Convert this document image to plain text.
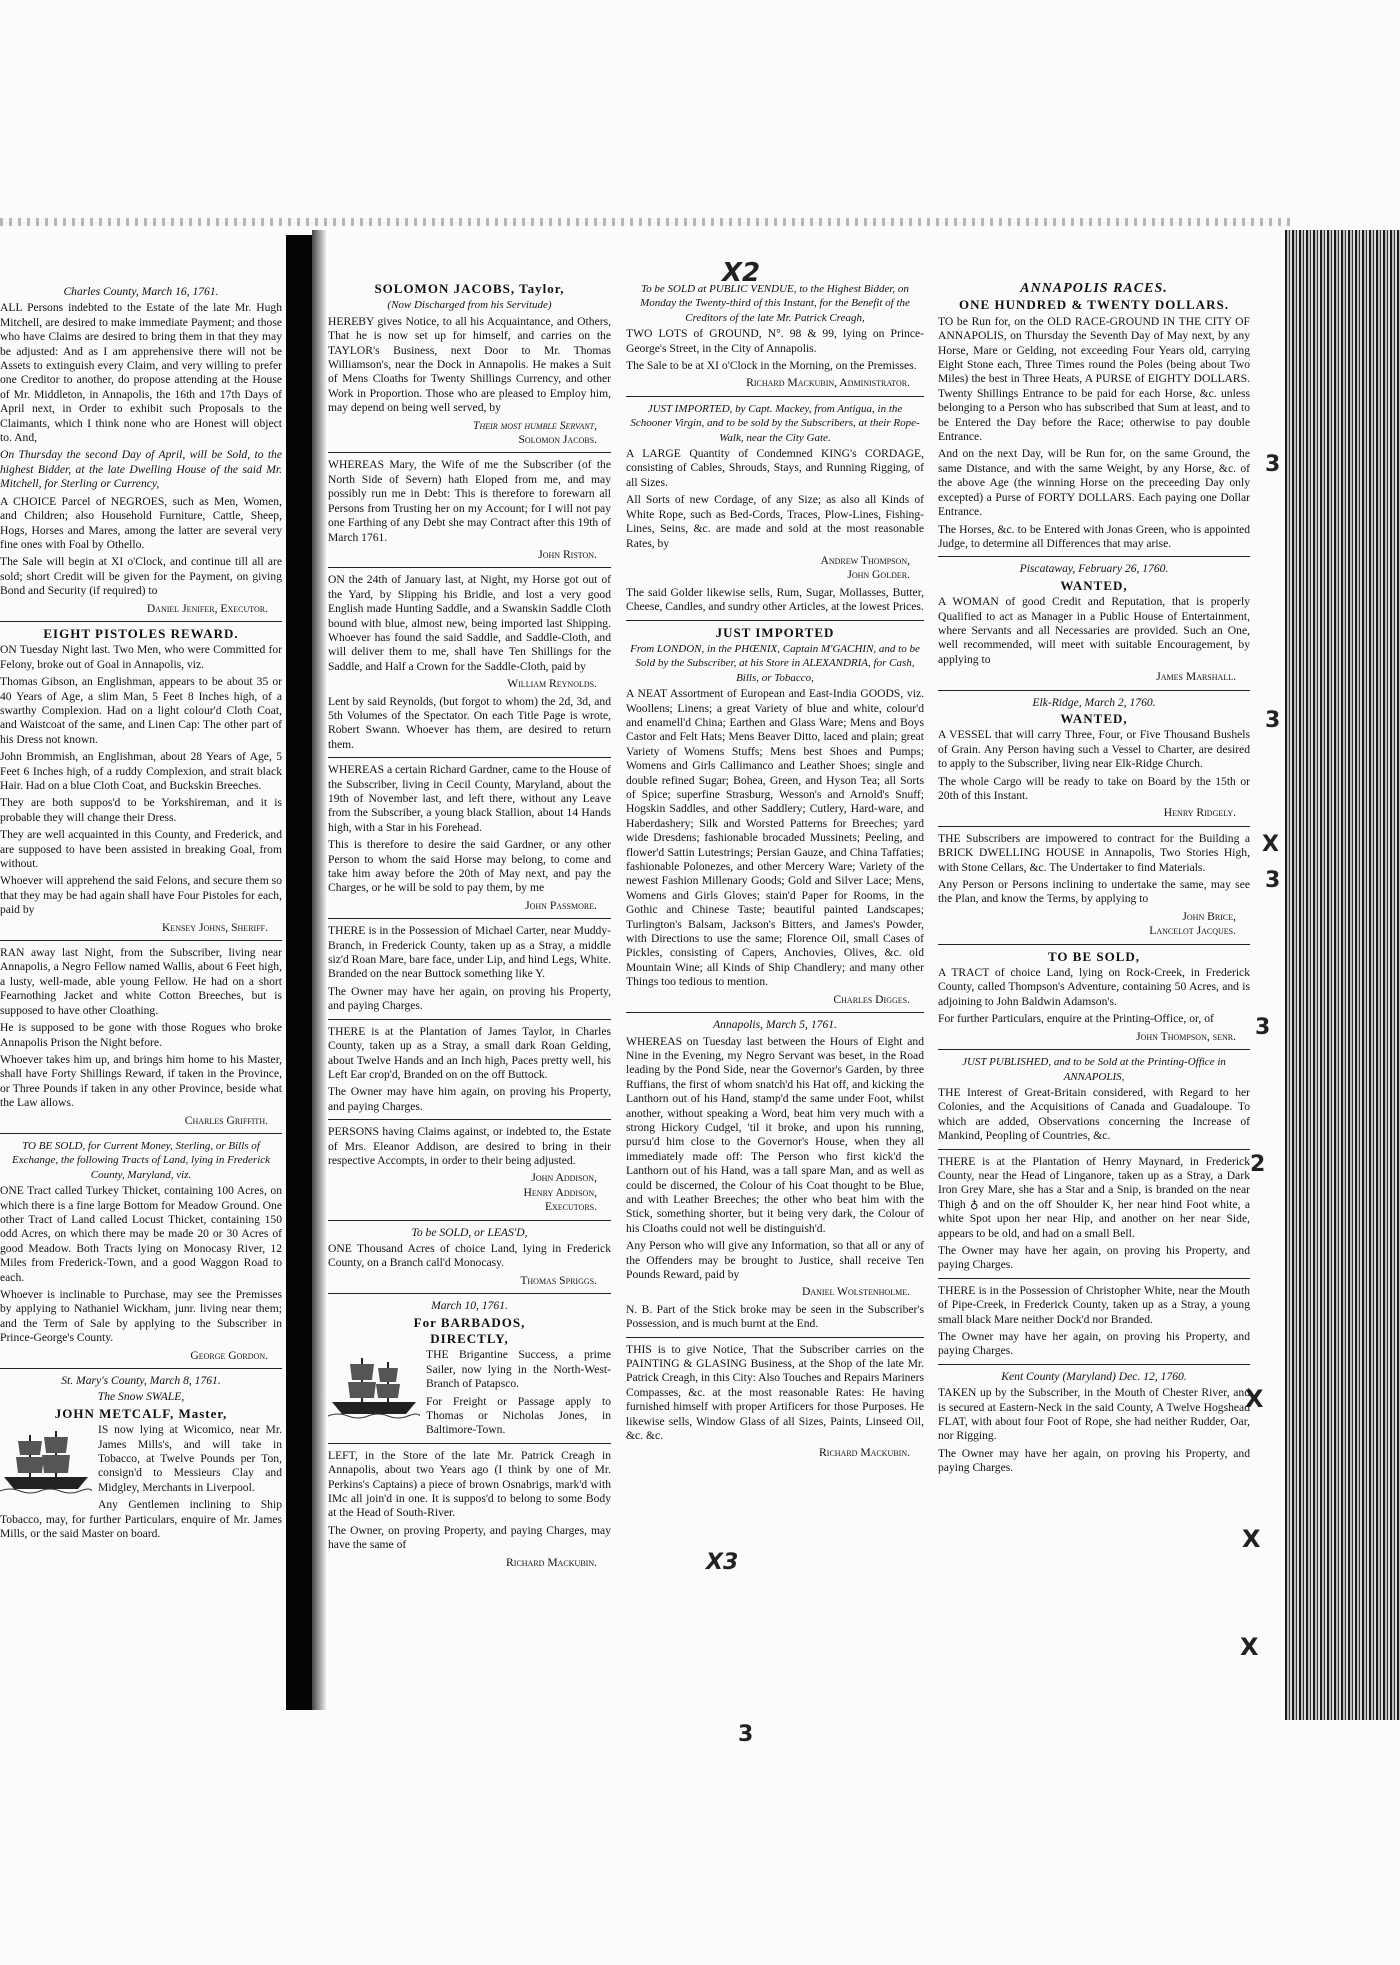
X2
X3
3
3
3
X
3
3
2
X
X
X
Charles County, March 16, 1761.

ALL Persons indebted to the Estate of the late Mr. Hugh Mitchell, are desired to make immediate Payment; and those who have Claims are desired to bring them in that they may be adjusted: And as I am apprehensive there will not be Assets to extinguish every Claim, and very willing to prefer one Creditor to another, do propose attending at the House of Mr. Middleton, in Annapolis, the 16th and 17th Days of April next, in Order to exhibit such Proposals to the Claimants, which I think none who are Honest will object to. And,

On Thursday the second Day of April, will be Sold, to the highest Bidder, at the late Dwelling House of the said Mr. Mitchell, for Sterling or Currency,

A CHOICE Parcel of NEGROES, such as Men, Women, and Children; also Household Furniture, Cattle, Sheep, Hogs, Horses and Mares, among the latter are several very fine ones with Foal by Othello.

The Sale will begin at XI o'Clock, and continue till all are sold; short Credit will be given for the Payment, on giving Bond and Security (if required) to

Daniel Jenifer, Executor.
EIGHT PISTOLES REWARD.

ON Tuesday Night last. Two Men, who were Committed for Felony, broke out of Goal in Annapolis, viz.

Thomas Gibson, an Englishman, appears to be about 35 or 40 Years of Age, a slim Man, 5 Feet 8 Inches high, of a swarthy Complexion. Had on a light colour'd Cloth Coat, and Waistcoat of the same, and Linen Cap: The other part of his Dress not known.

John Brommish, an Englishman, about 28 Years of Age, 5 Feet 6 Inches high, of a ruddy Complexion, and strait black Hair. Had on a blue Cloth Coat, and Buckskin Breeches.

They are both suppos'd to be Yorkshireman, and it is probable they will change their Dress.

They are well acquainted in this County, and Frederick, and are supposed to have been assisted in breaking Goal, from without.

Whoever will apprehend the said Felons, and secure them so that they may be had again shall have Four Pistoles for each, paid by

Kensey Johns, Sheriff.

RAN away last Night, from the Subscriber, living near Annapolis, a Negro Fellow named Wallis, about 6 Feet high, a lusty, well-made, able young Fellow. He had on a short Fearnothing Jacket and white Cotton Breeches, but is supposed to have other Cloathing.

He is supposed to be gone with those Rogues who broke Annapolis Prison the Night before.

Whoever takes him up, and brings him home to his Master, shall have Forty Shillings Reward, if taken in the Province, or Three Pounds if taken in any other Province, beside what the Law allows.

Charles Griffith.
TO BE SOLD, for Current Money, Sterling, or Bills of Exchange, the following Tracts of Land, lying in Frederick County, Maryland, viz.

ONE Tract called Turkey Thicket, containing 100 Acres, on which there is a fine large Bottom for Meadow Ground. One other Tract of Land called Locust Thicket, containing 150 odd Acres, on which there may be made 20 or 30 Acres of good Meadow. Both Tracts lying on Monocasy River, 12 Miles from Frederick-Town, and a good Waggon Road to each.

Whoever is inclinable to Purchase, may see the Premisses by applying to Nathaniel Wickham, junr. living near them; and the Term of Sale by applying to the Subscriber in Prince-George's County.

George Gordon.
St. Mary's County, March 8, 1761.
The Snow SWALE,
JOHN METCALF, Master,

IS now lying at Wicomico, near Mr. James Mills's, and will take in Tobacco, at Twelve Pounds per Ton, consign'd to Messieurs Clay and Midgley, Merchants in Liverpool.

Any Gentlemen inclining to Ship Tobacco, may, for further Particulars, enquire of Mr. James Mills, or the said Master on board.

SOLOMON JACOBS, Taylor,
(Now Discharged from his Servitude)

HEREBY gives Notice, to all his Acquaintance, and Others, That he is now set up for himself, and carries on the TAYLOR's Business, next Door to Mr. Thomas Williamson's, near the Dock in Annapolis. He makes a Suit of Mens Cloaths for Twenty Shillings Currency, and other Work in Proportion. Those who are pleased to Employ him, may depend on being well served, by

Their most humble Servant,
Solomon Jacobs.

WHEREAS Mary, the Wife of me the Subscriber (of the North Side of Severn) hath Eloped from me, and may possibly run me in Debt: This is therefore to forewarn all Persons from Trusting her on my Account; for I will not pay one Farthing of any Debt she may Contract after this 19th of March 1761.

John Riston.

ON the 24th of January last, at Night, my Horse got out of the Yard, by Slipping his Bridle, and lost a very good English made Hunting Saddle, and a Swanskin Saddle Cloth bound with blue, almost new, being imported last Shipping. Whoever has found the said Saddle, and Saddle-Cloth, and will deliver them to me, shall have Ten Shillings for the Saddle, and Half a Crown for the Saddle-Cloth, paid by

William Reynolds.

Lent by said Reynolds, (but forgot to whom) the 2d, 3d, and 5th Volumes of the Spectator. On each Title Page is wrote, Robert Swann. Whoever has them, are desired to return them.

WHEREAS a certain Richard Gardner, came to the House of the Subscriber, living in Cecil County, Maryland, about the 19th of November last, and left there, without any Leave from the Subscriber, a young black Stallion, about 14 Hands high, with a Star in his Forehead.

This is therefore to desire the said Gardner, or any other Person to whom the said Horse may belong, to come and take him away before the 20th of May next, and pay the Charges, or he will be sold to pay them, by me

John Passmore.

THERE is in the Possession of Michael Carter, near Muddy-Branch, in Frederick County, taken up as a Stray, a middle siz'd Roan Mare, bare face, under Lip, and hind Legs, White. Branded on the near Buttock something like Y.

The Owner may have her again, on proving his Property, and paying Charges.

THERE is at the Plantation of James Taylor, in Charles County, taken up as a Stray, a small dark Roan Gelding, about Twelve Hands and an Inch high, Paces pretty well, his Left Ear crop'd, Branded on on the off Buttock.

The Owner may have him again, on proving his Property, and paying Charges.

PERSONS having Claims against, or indebted to, the Estate of Mrs. Eleanor Addison, are desired to bring in their respective Accompts, in order to their being adjusted.

John Addison,
Henry Addison,
Executors.
To be SOLD, or LEAS'D,

ONE Thousand Acres of choice Land, lying in Frederick County, on a Branch call'd Monocasy.

Thomas Spriggs.
March 10, 1761.
For BARBADOS,
DIRECTLY,

THE Brigantine Success, a prime Sailer, now lying in the North-West-Branch of Patapsco.

For Freight or Passage apply to Thomas or Nicholas Jones, in Baltimore-Town.

LEFT, in the Store of the late Mr. Patrick Creagh in Annapolis, about two Years ago (I think by one of Mr. Perkins's Captains) a piece of brown Osnabrigs, mark'd with IMc all join'd in one. It is suppos'd to belong to some Body at the Head of South-River.

The Owner, on proving Property, and paying Charges, may have the same of

Richard Mackubin.
To be SOLD at PUBLIC VENDUE, to the Highest Bidder, on Monday the Twenty-third of this Instant, for the Benefit of the Creditors of the late Mr. Patrick Creagh,

TWO LOTS of GROUND, N°. 98 & 99, lying on Prince-George's Street, in the City of Annapolis.

The Sale to be at XI o'Clock in the Morning, on the Premisses.

Richard Mackubin, Administrator.
JUST IMPORTED, by Capt. Mackey, from Antigua, in the Schooner Virgin, and to be sold by the Subscribers, at their Rope-Walk, near the City Gate.

A LARGE Quantity of Condemned KING's CORDAGE, consisting of Cables, Shrouds, Stays, and Running Rigging, of all Sizes.

All Sorts of new Cordage, of any Size; as also all Kinds of White Rope, such as Bed-Cords, Traces, Plow-Lines, Fishing-Lines, Seins, &c. are made and sold at the most reasonable Rates, by

Andrew Thompson,
John Golder.

The said Golder likewise sells, Rum, Sugar, Mollasses, Butter, Cheese, Candles, and sundry other Articles, at the lowest Prices.

JUST IMPORTED
From LONDON, in the PHŒNIX, Captain M'GACHIN, and to be Sold by the Subscriber, at his Store in ALEXANDRIA, for Cash, Bills, or Tobacco,

A NEAT Assortment of European and East-India GOODS, viz. Woollens; Linens; a great Variety of blue and white, colour'd and enamell'd China; Earthen and Glass Ware; Mens and Boys Castor and Felt Hats; Mens Beaver Ditto, laced and plain; great Variety of Womens Stuffs; Mens best Shoes and Pumps; Womens and Girls Callimanco and Leather Shoes; single and double refined Sugar; Bohea, Green, and Hyson Tea; all Sorts of Spice; superfine Strasburg, Wesson's and Arnold's Snuff; Hogskin Saddles, and other Saddlery; Cutlery, Hard-ware, and Haberdashery; Silk and Worsted Patterns for Breeches; yard wide Dresdens; fashionable brocaded Mussinets; Peeling, and flower'd Sattin Lutestrings; Persian Gauze, and China Taffaties; fashionable Polonezes, and other Mercery Ware; Variety of the newest Fashion Millenary Goods; Gold and Silver Lace; Mens, Womens and Girls Gloves; stain'd Paper for Rooms, in the Gothic and Chinese Taste; beautiful painted Landscapes; Turlington's Balsam, Jackson's Bitters, and James's Powder, with Directions to use the same; Florence Oil, small Cases of Pickles, consisting of Capers, Anchovies, Olives, &c. old Mountain Wine; all Kinds of Ship Chandlery; and many other Things too tedious to mention.

Charles Digges.
Annapolis, March 5, 1761.

WHEREAS on Tuesday last between the Hours of Eight and Nine in the Evening, my Negro Servant was beset, in the Road leading by the Pond Side, near the Governor's Garden, by three Ruffians, the first of whom snatch'd his Hat off, and kicking the Lanthorn out of his Hand, stamp'd the same under Foot, whilst another, without speaking a Word, beat him very much with a strong Hickory Cudgel, 'til it broke, and upon his running, pursu'd him close to the Governor's House, when they all immediately made off: The Person who first kick'd the Lanthorn out of his Hand, was a tall spare Man, and as well as could be discerned, the Colour of his Coat thought to be Blue, and with Leather Breeches; the other who beat him with the Stick, something shorter, but it being very dark, the Colour of his Cloaths could not well be distinguish'd.

Any Person who will give any Information, so that all or any of the Offenders may be brought to Justice, shall receive Ten Pounds Reward, paid by

Daniel Wolstenholme.

N. B. Part of the Stick broke may be seen in the Subscriber's Possession, and is much burnt at the End.

THIS is to give Notice, That the Subscriber carries on the PAINTING & GLASING Business, at the Shop of the late Mr. Patrick Creagh, in this City: Also Touches and Repairs Mariners Compasses, &c. at the most reasonable Rates: He having furnished himself with proper Artificers for those Purposes. He likewise sells, Window Glass of all Sizes, Paints, Linseed Oil, &c. &c.

Richard Mackubin.
ANNAPOLIS RACES.
ONE HUNDRED & TWENTY DOLLARS.

TO be Run for, on the OLD RACE-GROUND IN THE CITY OF ANNAPOLIS, on Thursday the Seventh Day of May next, by any Horse, Mare or Gelding, not exceeding Four Years old, carrying Eight Stone each, Three Times round the Poles (being about Two Miles) the best in Three Heats, A PURSE of EIGHTY DOLLARS. Twenty Shillings Entrance to be paid for each Horse, &c. unless belonging to a Person who has subscribed that Sum at least, and to be Entered the Day before the Race; otherwise to pay double Entrance.

And on the next Day, will be Run for, on the same Ground, the same Distance, and with the same Weight, by any Horse, &c. of the above Age (the winning Horse on the preceeding Day only excepted) a Purse of FORTY DOLLARS. Each paying one Dollar Entrance.

The Horses, &c. to be Entered with Jonas Green, who is appointed Judge, to determine all Differences that may arise.

Piscataway, February 26, 1760.
WANTED,

A WOMAN of good Credit and Reputation, that is properly Qualified to act as Manager in a Public House of Entertainment, where Servants and all Necessaries are provided. Such an One, well recommended, will meet with suitable Encouragement, by applying to

James Marshall.
Elk-Ridge, March 2, 1760.
WANTED,

A VESSEL that will carry Three, Four, or Five Thousand Bushels of Grain. Any Person having such a Vessel to Charter, are desired to apply to the Subscriber, living near Elk-Ridge Church.

The whole Cargo will be ready to take on Board by the 15th or 20th of this Instant.

Henry Ridgely.

THE Subscribers are impowered to contract for the Building a BRICK DWELLING HOUSE in Annapolis, Two Stories High, with Stone Cellars, &c. The Undertaker to find Materials.

Any Person or Persons inclining to undertake the same, may see the Plan, and know the Terms, by applying to

John Brice,
Lancelot Jacques.
TO BE SOLD,

A TRACT of choice Land, lying on Rock-Creek, in Frederick County, called Thompson's Adventure, containing 50 Acres, and is adjoining to John Baldwin Adamson's.

For further Particulars, enquire at the Printing-Office, or, of

John Thompson, senr.
JUST PUBLISHED, and to be Sold at the Printing-Office in ANNAPOLIS,

THE Interest of Great-Britain considered, with Regard to her Colonies, and the Acquisitions of Canada and Guadaloupe. To which are added, Observations concerning the Increase of Mankind, Peopling of Countries, &c.

THERE is at the Plantation of Henry Maynard, in Frederick County, near the Head of Linganore, taken up as a Stray, a Dark Iron Grey Mare, she has a Star and a Snip, is branded on the near Thigh ♁ and on the off Shoulder K, her near hind Foot white, a white Spot upon her near Hip, and another on her near Side, appears to be old, and had on a small Bell.

The Owner may have her again, on proving his Property, and paying Charges.

THERE is in the Possession of Christopher White, near the Mouth of Pipe-Creek, in Frederick County, taken up as a Stray, a young small black Mare neither Dock'd nor Branded.

The Owner may have her again, on proving his Property, and paying Charges.

Kent County (Maryland) Dec. 12, 1760.

TAKEN up by the Subscriber, in the Mouth of Chester River, and is secured at Eastern-Neck in the said County, A Twelve Hogshead FLAT, with about four Foot of Rope, she had neither Rudder, Oar, nor Rigging.

The Owner may have her again, on proving his Property, and paying Charges.
